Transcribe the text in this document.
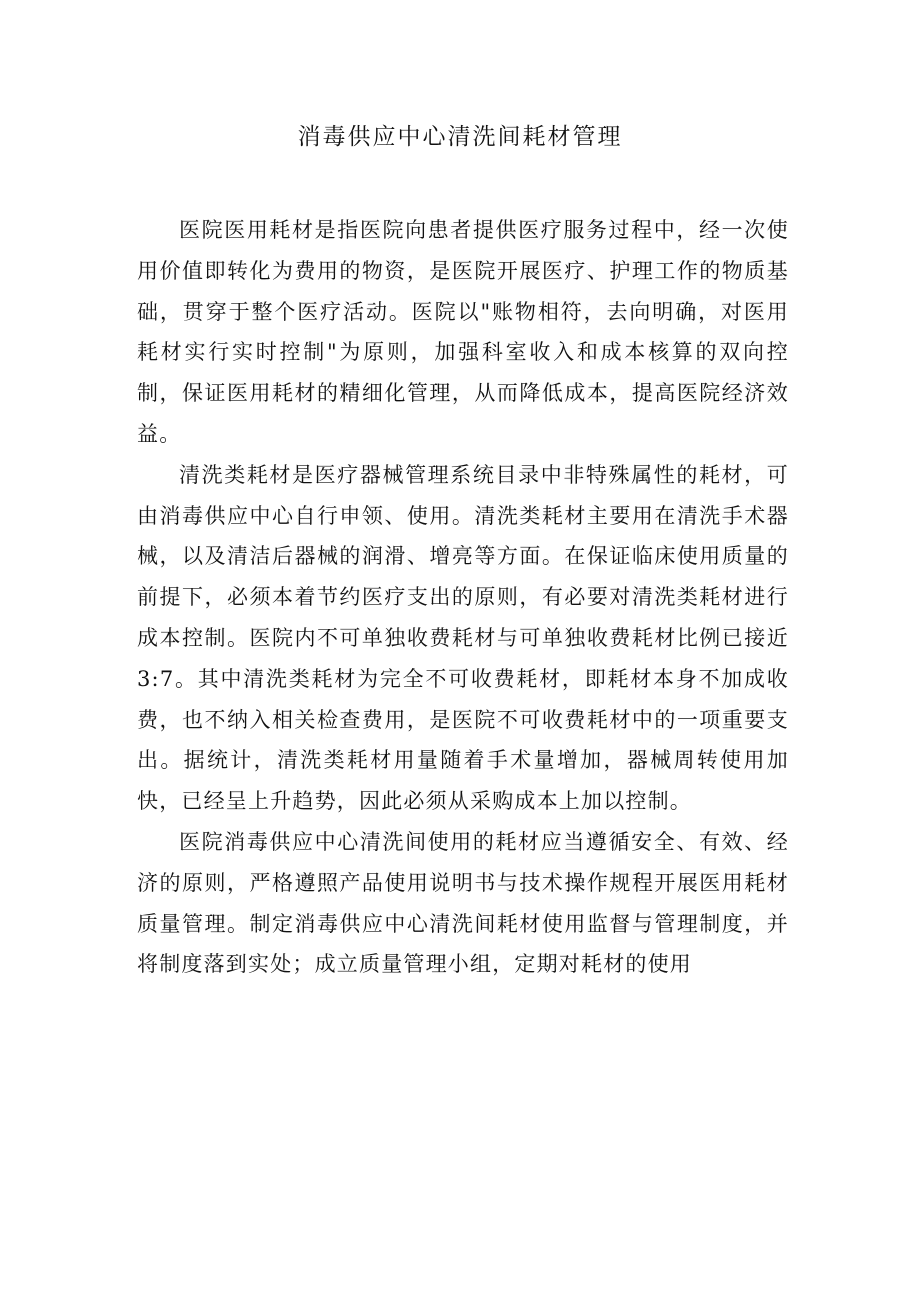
消毒供应中心清洗间耗材管理

医院医用耗材是指医院向患者提供医疗服务过程中，经一次使用价值即转化为费用的物资，是医院开展医疗、护理工作的物质基础，贯穿于整个医疗活动。医院以"账物相符，去向明确，对医用耗材实行实时控制"为原则，加强科室收入和成本核算的双向控制，保证医用耗材的精细化管理，从而降低成本，提高医院经济效益。

清洗类耗材是医疗器械管理系统目录中非特殊属性的耗材，可由消毒供应中心自行申领、使用。清洗类耗材主要用在清洗手术器械，以及清洁后器械的润滑、增亮等方面。在保证临床使用质量的前提下，必须本着节约医疗支出的原则，有必要对清洗类耗材进行成本控制。医院内不可单独收费耗材与可单独收费耗材比例已接近3:7。其中清洗类耗材为完全不可收费耗材，即耗材本身不加成收费，也不纳入相关检查费用，是医院不可收费耗材中的一项重要支出。据统计，清洗类耗材用量随着手术量增加，器械周转使用加快，已经呈上升趋势，因此必须从采购成本上加以控制。

医院消毒供应中心清洗间使用的耗材应当遵循安全、有效、经济的原则，严格遵照产品使用说明书与技术操作规程开展医用耗材质量管理。制定消毒供应中心清洗间耗材使用监督与管理制度，并将制度落到实处；成立质量管理小组，定期对耗材的使用
